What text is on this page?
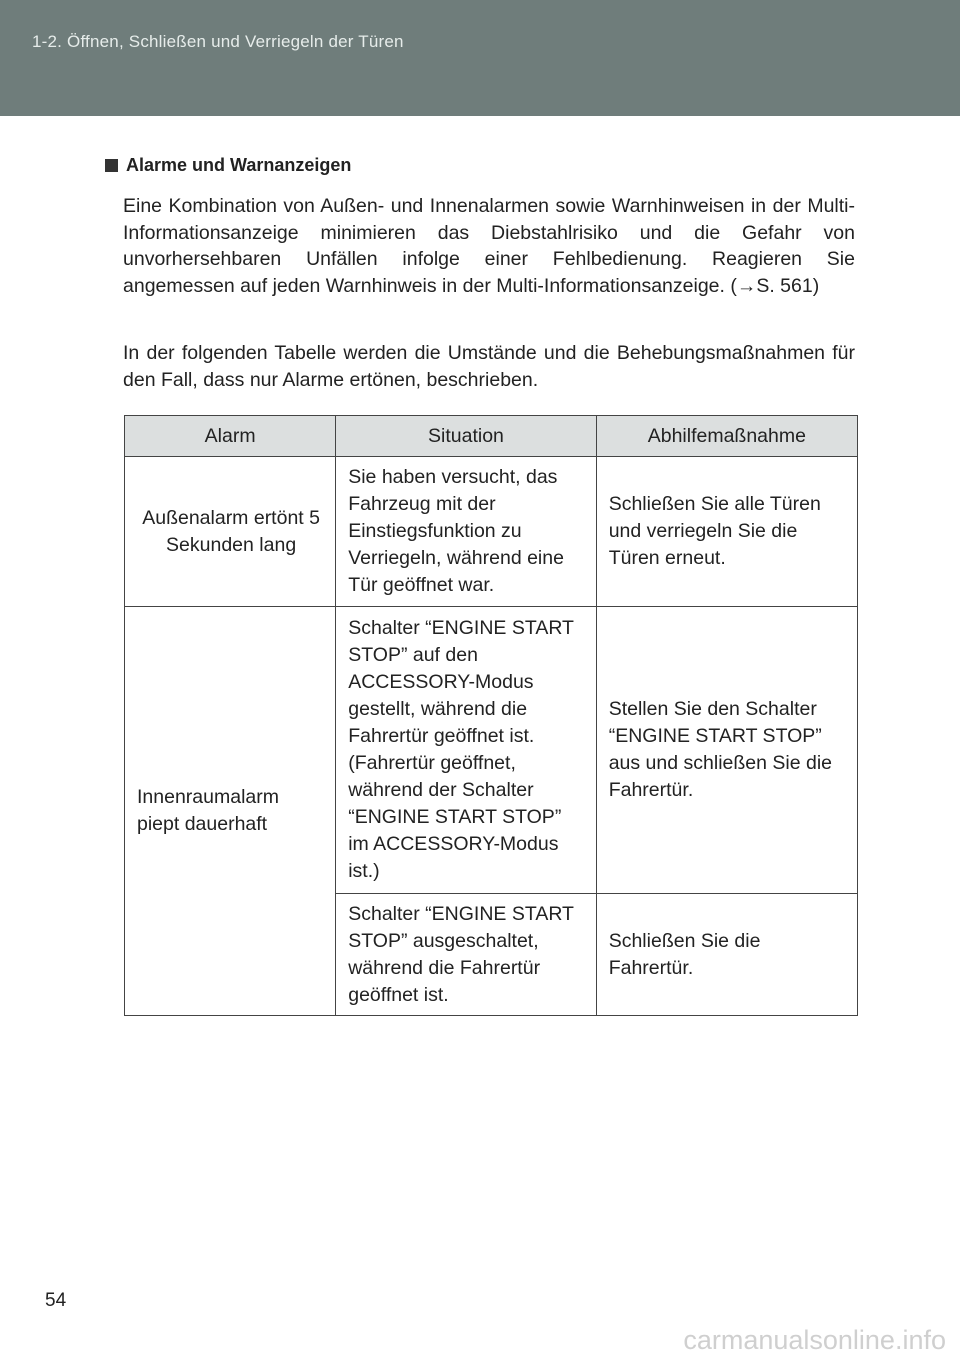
1-2. Öffnen, Schließen und Verriegeln der Türen
Alarme und Warnanzeigen
Eine Kombination von Außen- und Innenalarmen sowie Warnhinweisen in der Multi-Informationsanzeige minimieren das Diebstahlrisiko und die Gefahr von unvorhersehbaren Unfällen infolge einer Fehlbedienung. Reagieren Sie angemessen auf jeden Warnhinweis in der Multi-Informationsanzeige. (→S. 561)
In der folgenden Tabelle werden die Umstände und die Behebungsmaßnahmen für den Fall, dass nur Alarme ertönen, beschrieben.
Alarm	Situation	Abhilfemaßnahme
Außenalarm ertönt 5 Sekunden lang	Sie haben versucht, das Fahrzeug mit der Einstiegsfunktion zu Verriegeln, während eine Tür geöffnet war.	Schließen Sie alle Türen und verriegeln Sie die Türen erneut.
Innenraumalarm piept dauerhaft	Schalter “ENGINE START STOP” auf den ACCESSORY-Modus gestellt, während die Fahrertür geöffnet ist. (Fahrertür geöffnet, während der Schalter “ENGINE START STOP” im ACCESSORY-Modus ist.)	Stellen Sie den Schalter “ENGINE START STOP” aus und schließen Sie die Fahrertür.
	Schalter “ENGINE START STOP” ausgeschaltet, während die Fahrertür geöffnet ist.	Schließen Sie die Fahrertür.
54
carmanualsonline.info
